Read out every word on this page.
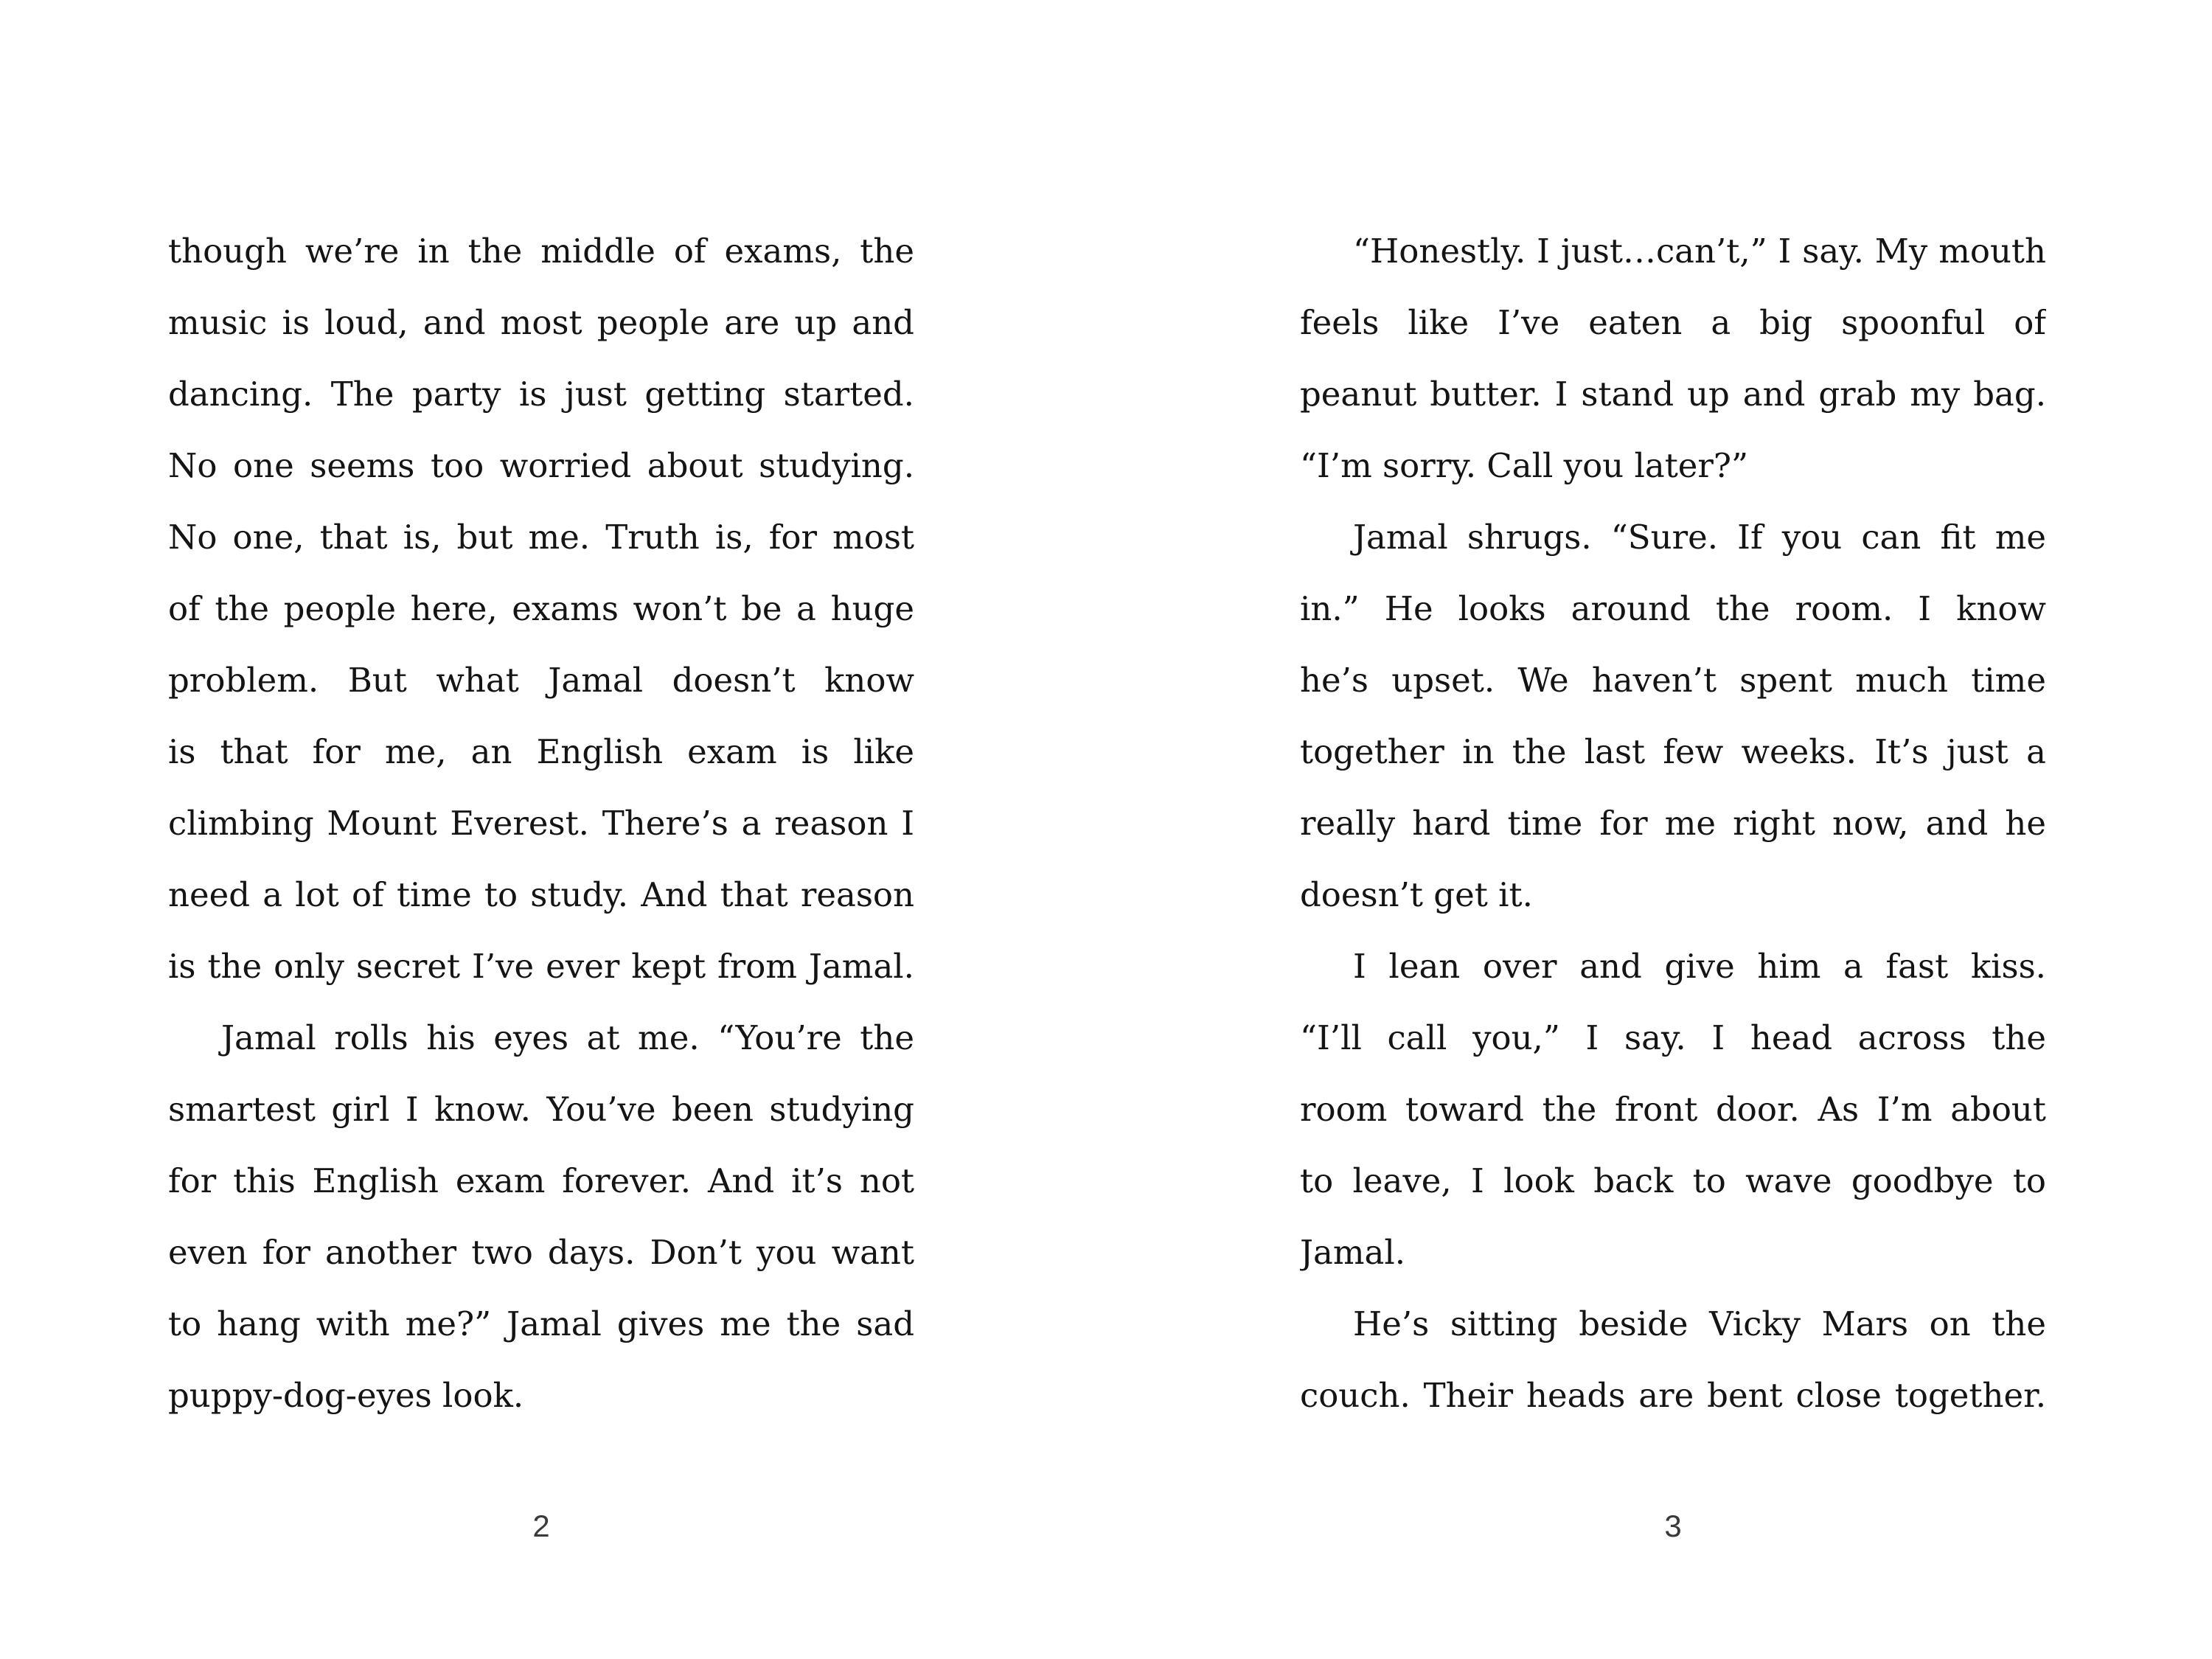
though we’re in the middle of exams, the
music is loud, and most people are up and
dancing. The party is just getting started.
No one seems too worried about studying.
No one, that is, but me. Truth is, for most
of the people here, exams won’t be a huge
problem. But what Jamal doesn’t know
is that for me, an English exam is like
climbing Mount Everest. There’s a reason I
need a lot of time to study. And that reason
is the only secret I’ve ever kept from Jamal.
Jamal rolls his eyes at me. “You’re the
smartest girl I know. You’ve been studying
for this English exam forever. And it’s not
even for another two days. Don’t you want
to hang with me?” Jamal gives me the sad
puppy-dog-eyes look.
2
“Honestly. I just…can’t,” I say. My mouth
feels like I’ve eaten a big spoonful of
peanut butter. I stand up and grab my bag.
“I’m sorry. Call you later?”
Jamal shrugs. “Sure. If you can fit me
in.” He looks around the room. I know
he’s upset. We haven’t spent much time
together in the last few weeks. It’s just a
really hard time for me right now, and he
doesn’t get it.
I lean over and give him a fast kiss.
“I’ll call you,” I say. I head across the
room toward the front door. As I’m about
to leave, I look back to wave goodbye to
Jamal.
He’s sitting beside Vicky Mars on the
couch. Their heads are bent close together.
3
